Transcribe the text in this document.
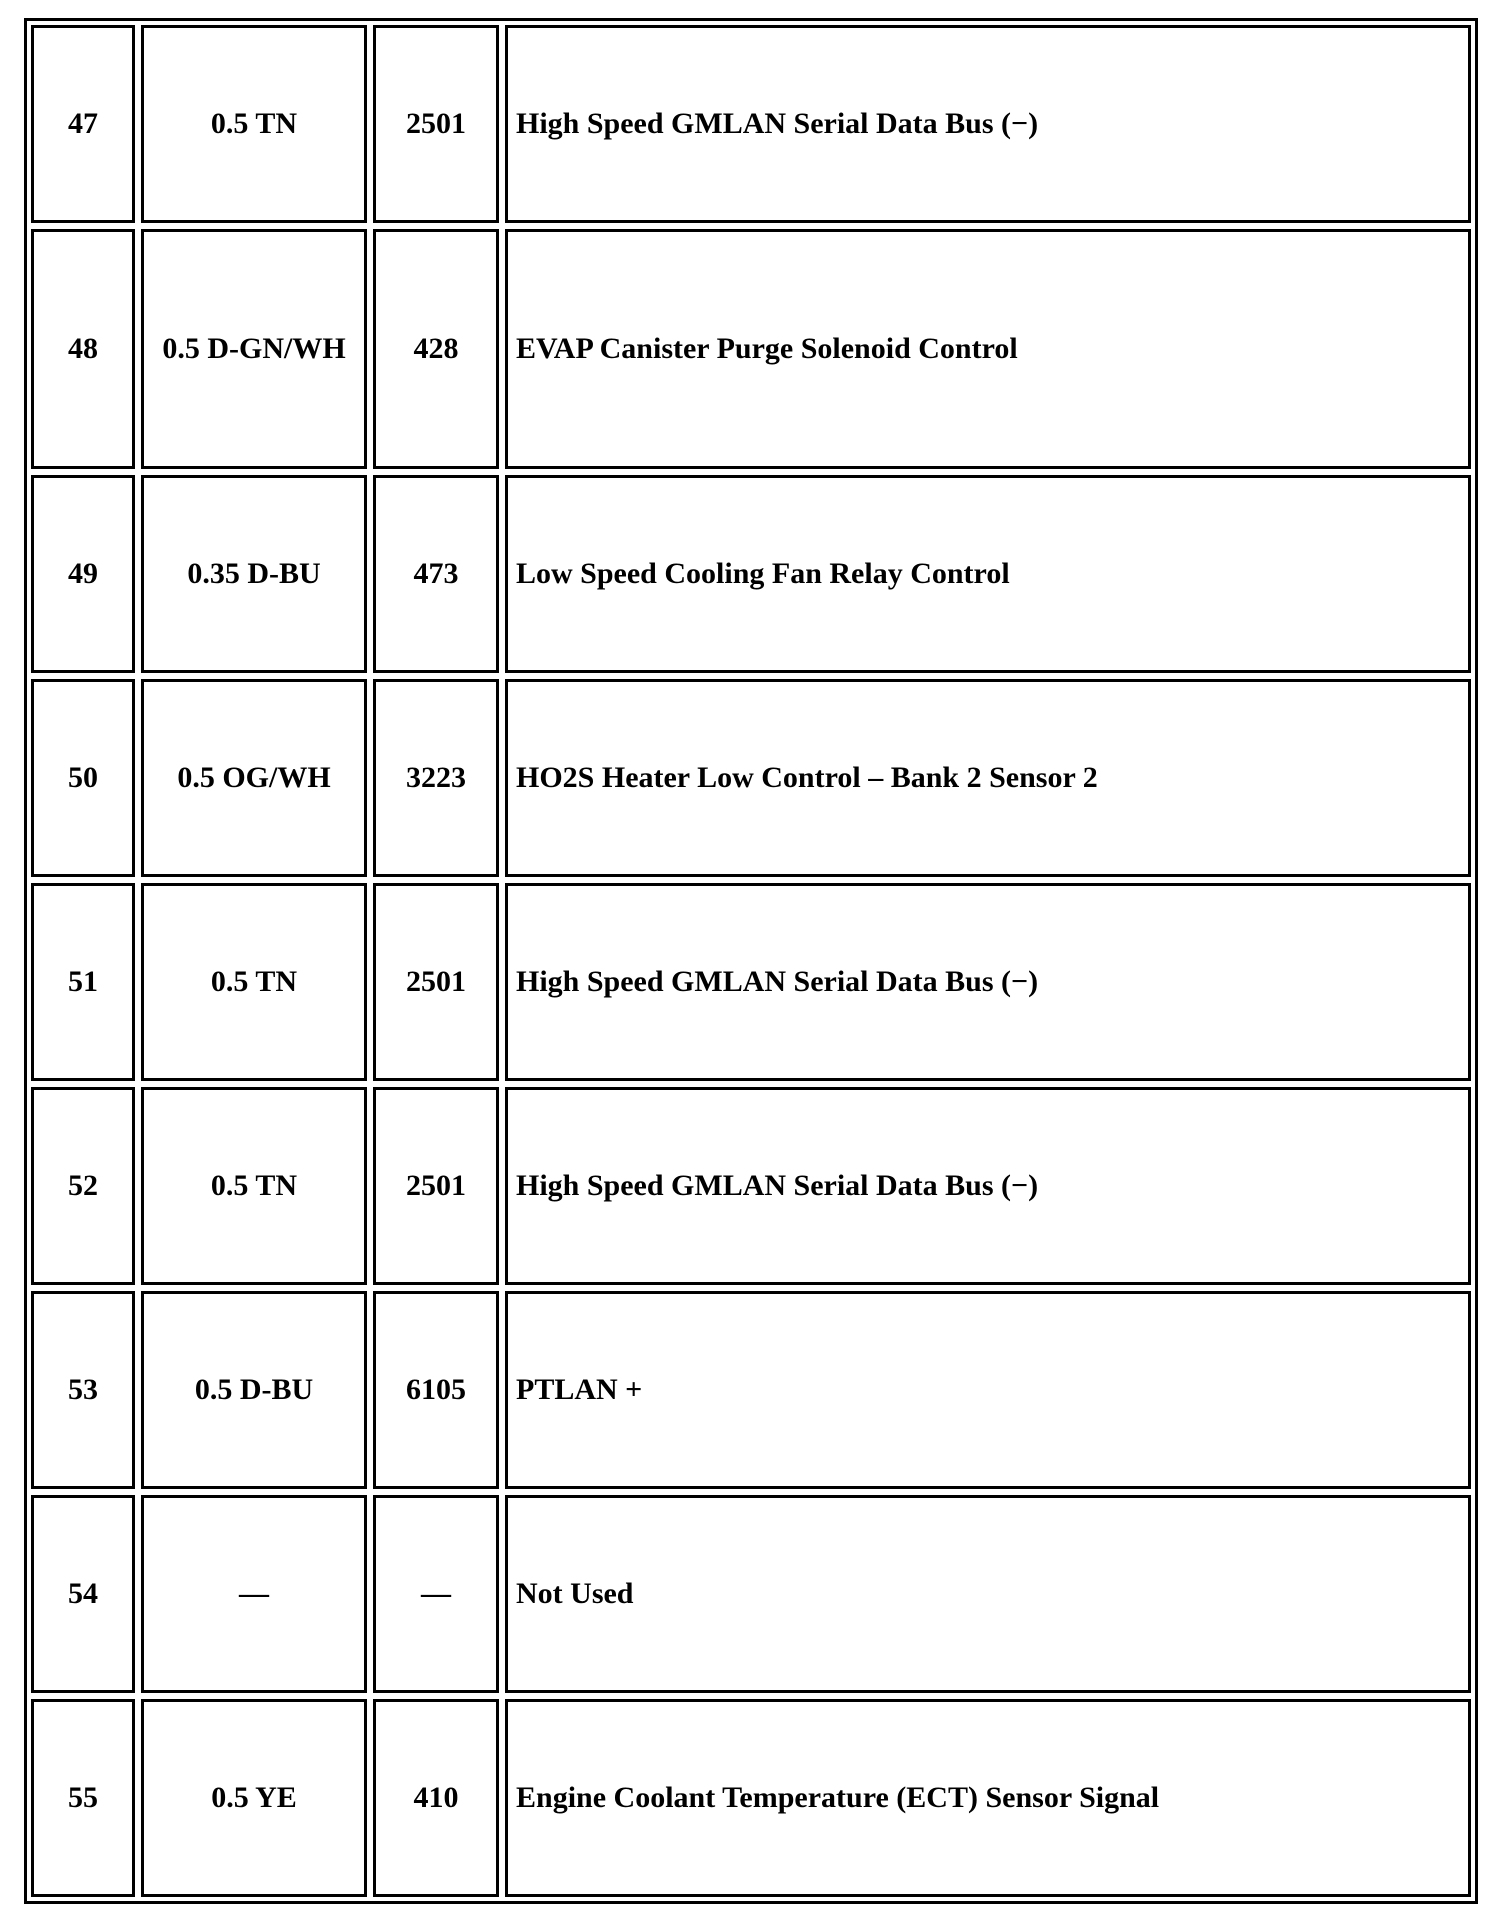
47	0.5 TN	2501	High Speed GMLAN Serial Data Bus (−)
48	0.5 D-GN/WH	428	EVAP Canister Purge Solenoid Control
49	0.35 D-BU	473	Low Speed Cooling Fan Relay Control
50	0.5 OG/WH	3223	HO2S Heater Low Control – Bank 2 Sensor 2
51	0.5 TN	2501	High Speed GMLAN Serial Data Bus (−)
52	0.5 TN	2501	High Speed GMLAN Serial Data Bus (−)
53	0.5 D-BU	6105	PTLAN +
54	—	—	Not Used
55	0.5 YE	410	Engine Coolant Temperature (ECT) Sensor Signal
